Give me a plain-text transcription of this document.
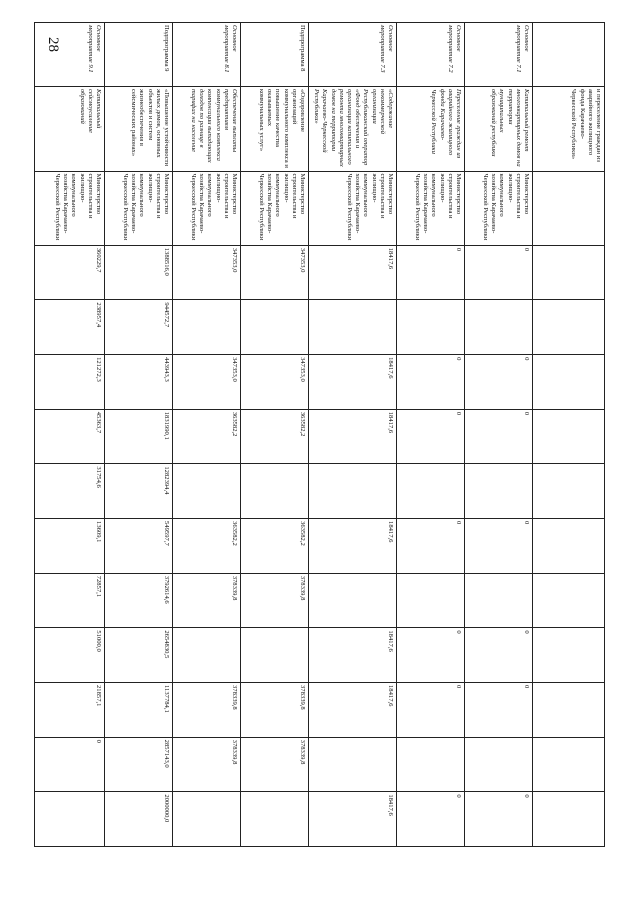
28
	и переселение граждан из аварийного жилищного фонда Карачаево-Черкесской Республики»												
Основное мероприятие 7.1	Капитальный ремонт многоквартирных домов на территории муниципальных образований республики	Министерство строительства и жилищно-коммунального хозяйства Карачаево-Черкесской Республики	0		0	0		0		0	0		0
Основное мероприятие 7.2	Переселение граждан из аварийного жилищного фонда Карачаево-Черкесской Республики	Министерство строительства и жилищно-коммунального хозяйства Карачаево-Черкесской Республики	0		0	0		0		0	0		0
Основное мероприятие 7.3	«Содержание некоммерческой организации Республиканский оператор «Фонд обеспечения и организации капитального ремонта многоквартирных домов на территории Карачаево-Черкесской Республики»	Министерство строительства и жилищно-коммунального хозяйства Карачаево-Черкесской Республики	18417,6		18417,6	18417,6		18417,6		18417,6	18417,6		18417,6
Подпрограмма 8	«Оздоровление организаций коммунального комплекса и повышение качества оказываемых коммунальных услуг»	Министерство строительства и жилищно-коммунального хозяйства Карачаево-Черкесской Республики	347353,0		347353,0	363582,2		363582,2	378339,8		378339,8	378339,8	
Основное мероприятие 8.1	Обеспечение выплаты предприятиям коммунального комплекса компенсации выпадающих доходов по разнице в тарифах на население	Министерство строительства и жилищно-коммунального хозяйства Карачаево-Черкесской Республики	347353,0		347353,0	363582,2		363582,2	378339,8		378339,8	378339,8	
Подпрограмма 9	«Повышение устойчивости жилых домов, основных объектов и систем жизнеобеспечения в сейсмических районах»	Министерство строительства и жилищно-коммунального хозяйства Карачаево-Черкесской Республики	1388516,0	944572,7	443943,3	1831990,1	1282394,4	549597,7	3792614,6	2654830,5	1137784,1	2857143,0	2000000,0
Основное мероприятие 9.1	Капитальный сейсмоусиление образований	Министерство строительства и жилищно-коммунального хозяйства Карачаево-Черкесской Республики	360229,7	238957,4	121272,3	45363,7	31754,6	13609,1	72857,1	51000,0	21857,1	0	
